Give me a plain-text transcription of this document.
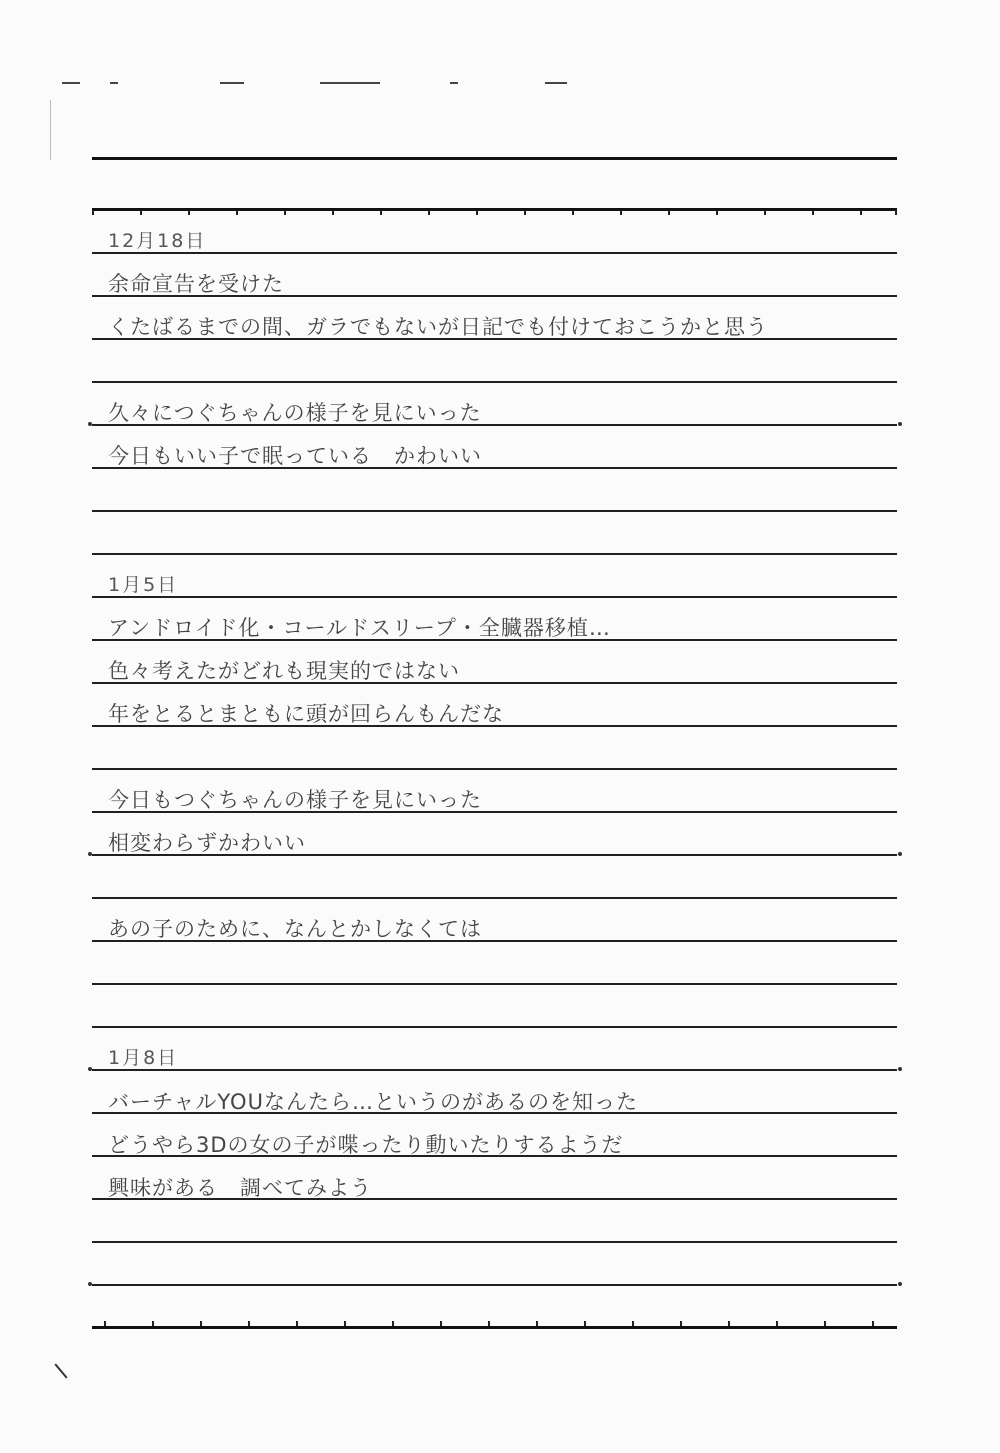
12月18日
余命宣告を受けた
くたばるまでの間、ガラでもないが日記でも付けておこうかと思う
久々につぐちゃんの様子を見にいった
今日もいい子で眠っている　かわいい
1月5日
アンドロイド化・コールドスリープ・全臓器移植…
色々考えたがどれも現実的ではない
年をとるとまともに頭が回らんもんだな
今日もつぐちゃんの様子を見にいった
相変わらずかわいい
あの子のために、なんとかしなくては
1月8日
バーチャルYOUなんたら…というのがあるのを知った
どうやら3Dの女の子が喋ったり動いたりするようだ
興味がある　調べてみよう
